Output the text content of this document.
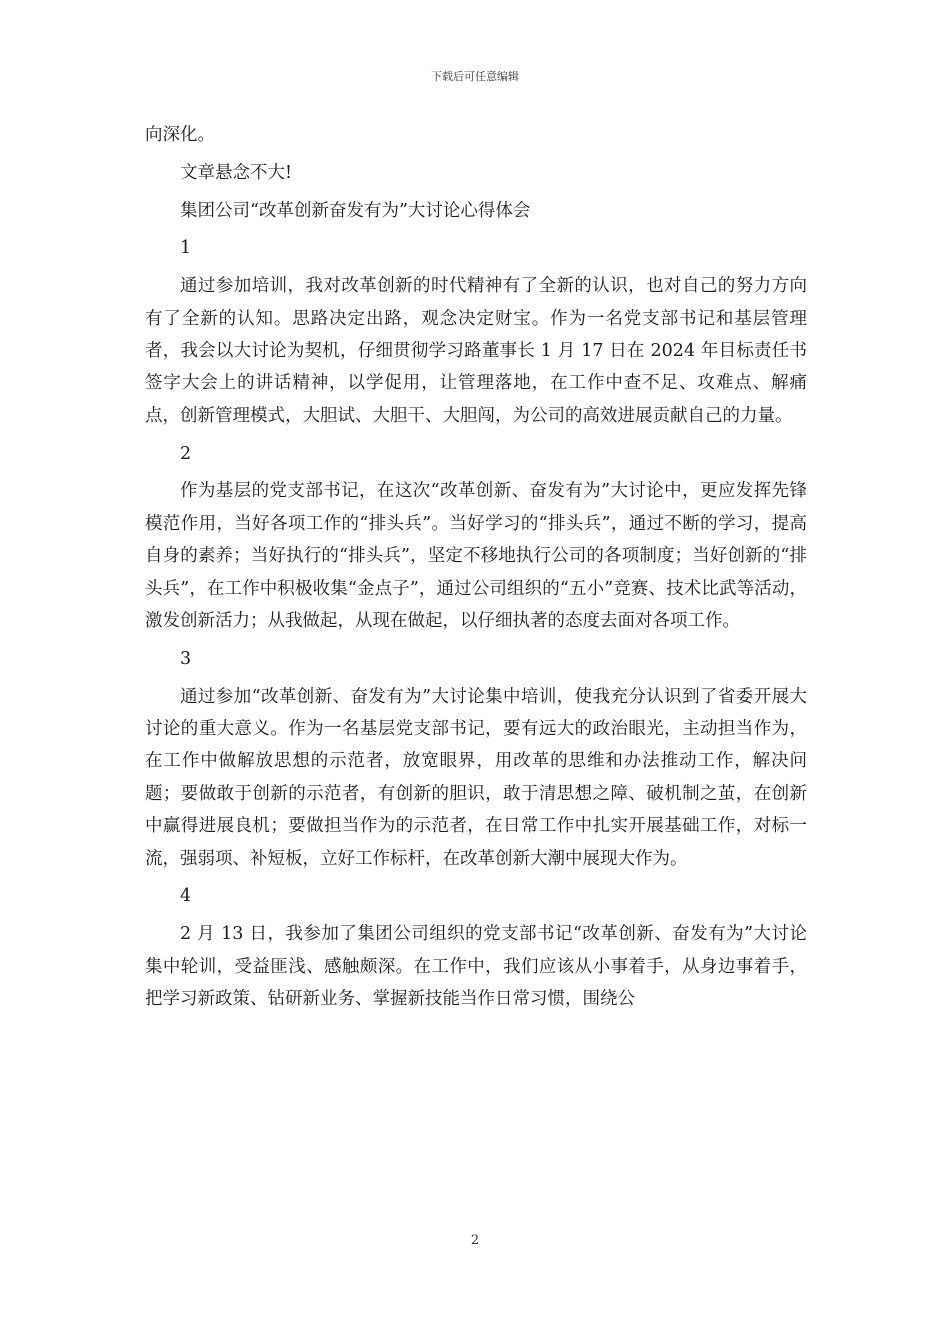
下载后可任意编辑

向深化。

文章悬念不大!

集团公司“改革创新奋发有为”大讨论心得体会

1

通过参加培训，我对改革创新的时代精神有了全新的认识，也对自己的努力方向有了全新的认知。思路决定出路，观念决定财宝。作为一名党支部书记和基层管理者，我会以大讨论为契机，仔细贯彻学习路董事长 1 月 17 日在 2024 年目标责任书签字大会上的讲话精神，以学促用，让管理落地，在工作中查不足、攻难点、解痛点，创新管理模式，大胆试、大胆干、大胆闯，为公司的高效进展贡献自己的力量。

2

作为基层的党支部书记，在这次“改革创新、奋发有为”大讨论中，更应发挥先锋模范作用，当好各项工作的“排头兵”。当好学习的“排头兵”，通过不断的学习，提高自身的素养；当好执行的“排头兵”，坚定不移地执行公司的各项制度；当好创新的“排头兵”，在工作中积极收集“金点子”，通过公司组织的“五小”竞赛、技术比武等活动，激发创新活力；从我做起，从现在做起，以仔细执著的态度去面对各项工作。

3

通过参加“改革创新、奋发有为”大讨论集中培训，使我充分认识到了省委开展大讨论的重大意义。作为一名基层党支部书记，要有远大的政治眼光，主动担当作为，在工作中做解放思想的示范者，放宽眼界，用改革的思维和办法推动工作，解决问题；要做敢于创新的示范者，有创新的胆识，敢于清思想之障、破机制之茧，在创新中赢得进展良机；要做担当作为的示范者，在日常工作中扎实开展基础工作，对标一流，强弱项、补短板，立好工作标杆，在改革创新大潮中展现大作为。

4

2 月 13 日，我参加了集团公司组织的党支部书记“改革创新、奋发有为”大讨论集中轮训，受益匪浅、感触颇深。在工作中，我们应该从小事着手，从身边事着手，把学习新政策、钻研新业务、掌握新技能当作日常习惯，围绕公

2
